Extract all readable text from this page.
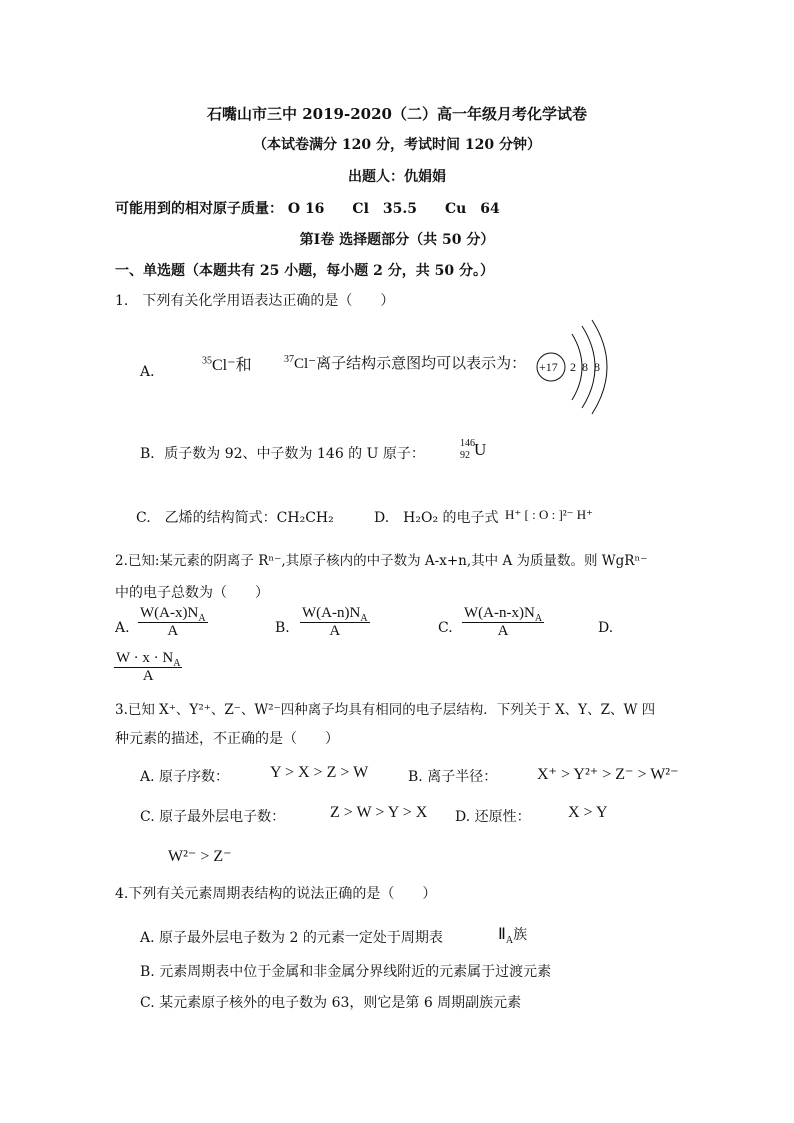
石嘴山市三中 2019-2020（二）高一年级月考化学试卷
（本试卷满分 120 分，考试时间 120 分钟）
出题人：仇娟娟
可能用到的相对原子质量： O 16　　Cl　35.5　　Cu　64
第Ⅰ卷 选择题部分（共 50 分）
一、单选题（本题共有 25 小题，每小题 2 分，共 50 分。）
1.　下列有关化学用语表达正确的是（　　）
A．
$^{35}$Cl⁻和	$^{37}$Cl⁻离子结构示意图均可以表示为： +17 2 8 8
B．质子数为 92、中子数为 146 的 U 原子：
146
92 U
C.　乙烯的结构简式：CH₂CH₂	D.　H₂O₂ 的电子式 H⁺ [ : O : ]²⁻ H⁺
2.已知:某元素的阴离子 Rⁿ⁻,其原子核内的中子数为 A-x+n,其中 A 为质量数。则 WgRⁿ⁻
中的电子总数为（　　）
A. $\frac{W(A-x)N_A}{A}$	B. $\frac{W(A-n)N_A}{A}$	C. $\frac{W(A-n-x)N_A}{A}$	D.
$\frac{W \cdot x \cdot N_A}{A}$
3.已知 X⁺、Y²⁺、Z⁻、W²⁻四种离子均具有相同的电子层结构．下列关于 X、Y、Z、W 四
种元素的描述，不正确的是（　　）
A. 原子序数：	Y > X > Z > W	B. 离子半径： X⁺ > Y²⁺ > Z⁻ > W²⁻
C. 原子最外层电子数：	Z > W > Y > X D. 还原性： X > Y
W²⁻ > Z⁻
4.下列有关元素周期表结构的说法正确的是（　　）
A. 原子最外层电子数为 2 的元素一定处于周期表	$Ⅱ_A$族
B. 元素周期表中位于金属和非金属分界线附近的元素属于过渡元素
C. 某元素原子核外的电子数为 63，则它是第 6 周期副族元素
